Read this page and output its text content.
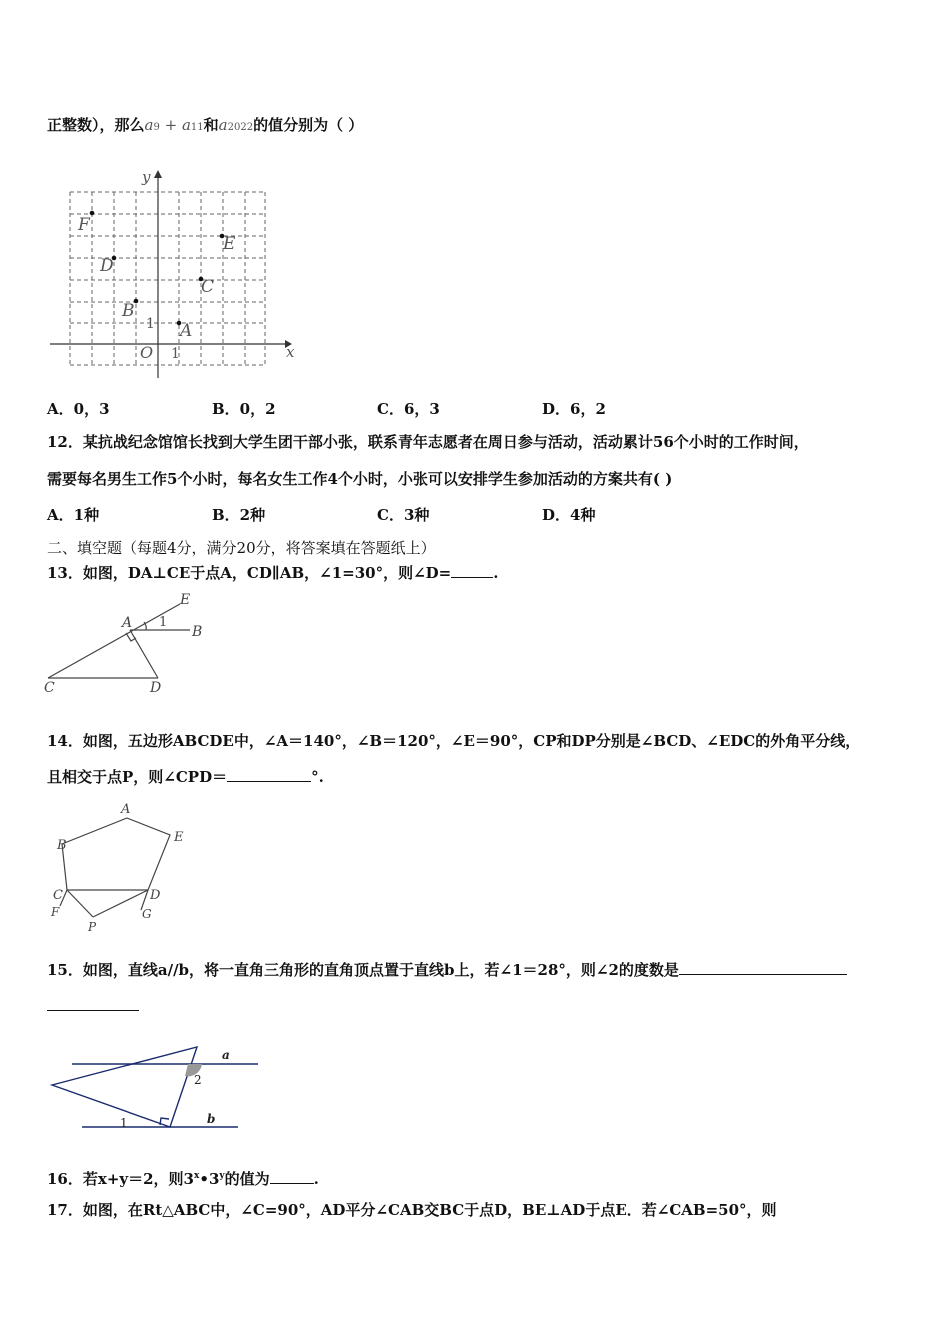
正整数），那么a9 + a11和a2022的值分别为（ ）
x
y
O 1
1
F
E
D
C
B
A
A．0，3	B．0，2	C．6，3	D．6，2
12．某抗战纪念馆馆长找到大学生团干部小张，联系青年志愿者在周日参与活动，活动累计56个小时的工作时间，
需要每名男生工作5个小时，每名女生工作4个小时，小张可以安排学生参加活动的方案共有( )
A．1种	B．2种	C．3种	D．4种
二、填空题（每题4分，满分20分，将答案填在答题纸上）
13．如图，DA⊥CE于点A，CD∥AB，∠1=30°，则∠D=	.
E
A 1
B
C	D
14．如图，五边形ABCDE中，∠A＝140°，∠B＝120°，∠E＝90°，CP和DP分别是∠BCD、∠EDC的外角平分线，
且相交于点P，则∠CPD＝	°.
A
B
E
C	D
F	G
P
15．如图，直线a//b，将一直角三角形的直角顶点置于直线b上，若∠1＝28°，则∠2的度数是
a
2
b
1
16．若x+y＝2，则3$^x$•3$^y$的值为	.
17．如图，在Rt△ABC中，∠C=90°，AD平分∠CAB交BC于点D，BE⊥AD于点E．若∠CAB=50°，则
